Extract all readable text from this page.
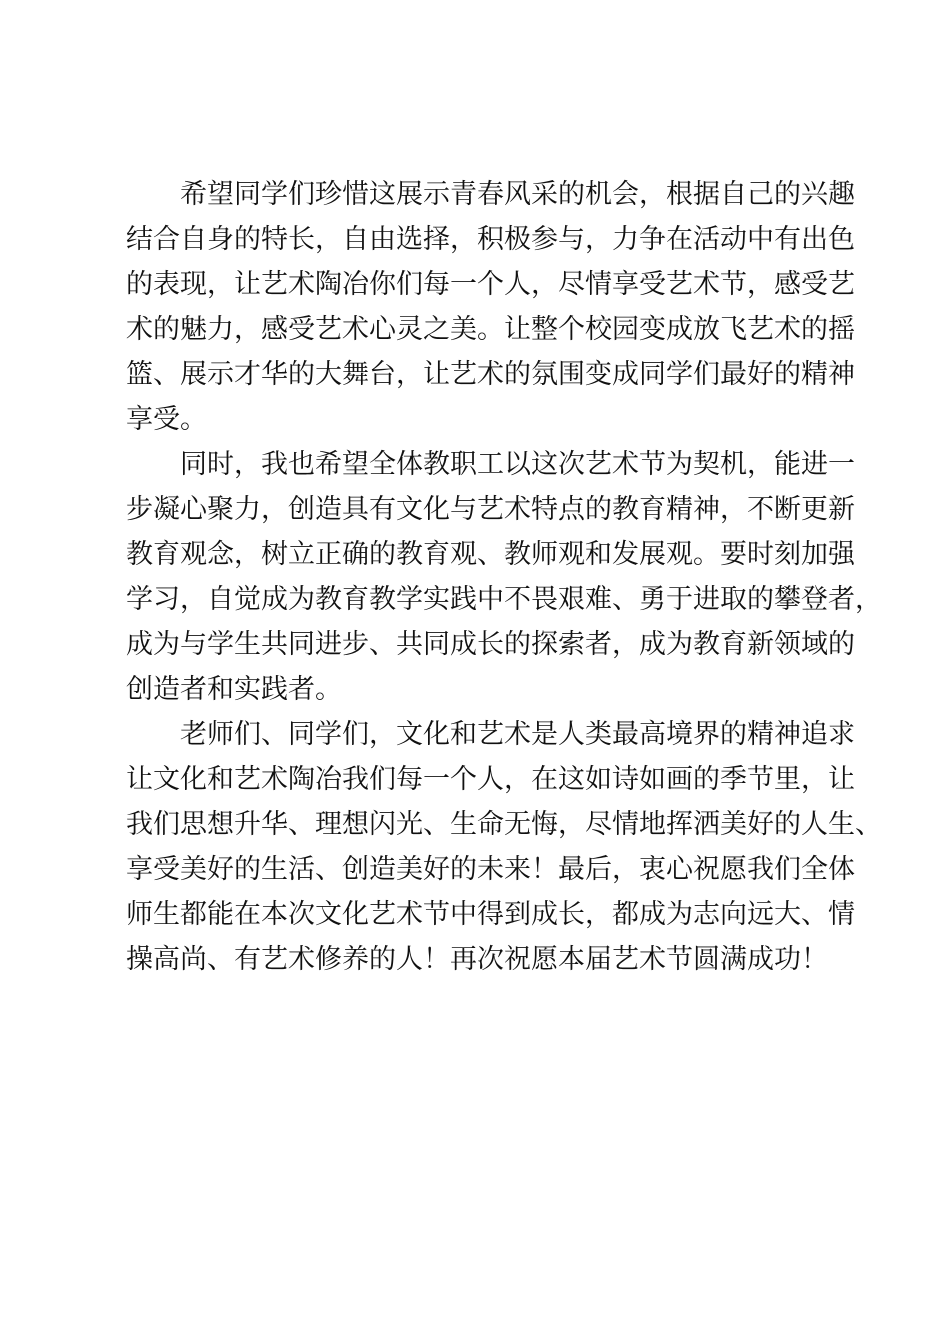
希望同学们珍惜这展示青春风采的机会，根据自己的兴趣
结合自身的特长，自由选择，积极参与，力争在活动中有出色
的表现，让艺术陶冶你们每一个人，尽情享受艺术节，感受艺
术的魅力，感受艺术心灵之美。让整个校园变成放飞艺术的摇
篮、展示才华的大舞台，让艺术的氛围变成同学们最好的精神
享受。
同时，我也希望全体教职工以这次艺术节为契机，能进一
步凝心聚力，创造具有文化与艺术特点的教育精神，不断更新
教育观念，树立正确的教育观、教师观和发展观。要时刻加强
学习，自觉成为教育教学实践中不畏艰难、勇于进取的攀登者，
成为与学生共同进步、共同成长的探索者，成为教育新领域的
创造者和实践者。
老师们、同学们，文化和艺术是人类最高境界的精神追求
让文化和艺术陶冶我们每一个人，在这如诗如画的季节里，让
我们思想升华、理想闪光、生命无悔，尽情地挥洒美好的人生、
享受美好的生活、创造美好的未来！最后，衷心祝愿我们全体
师生都能在本次文化艺术节中得到成长，都成为志向远大、情
操高尚、有艺术修养的人！再次祝愿本届艺术节圆满成功！
